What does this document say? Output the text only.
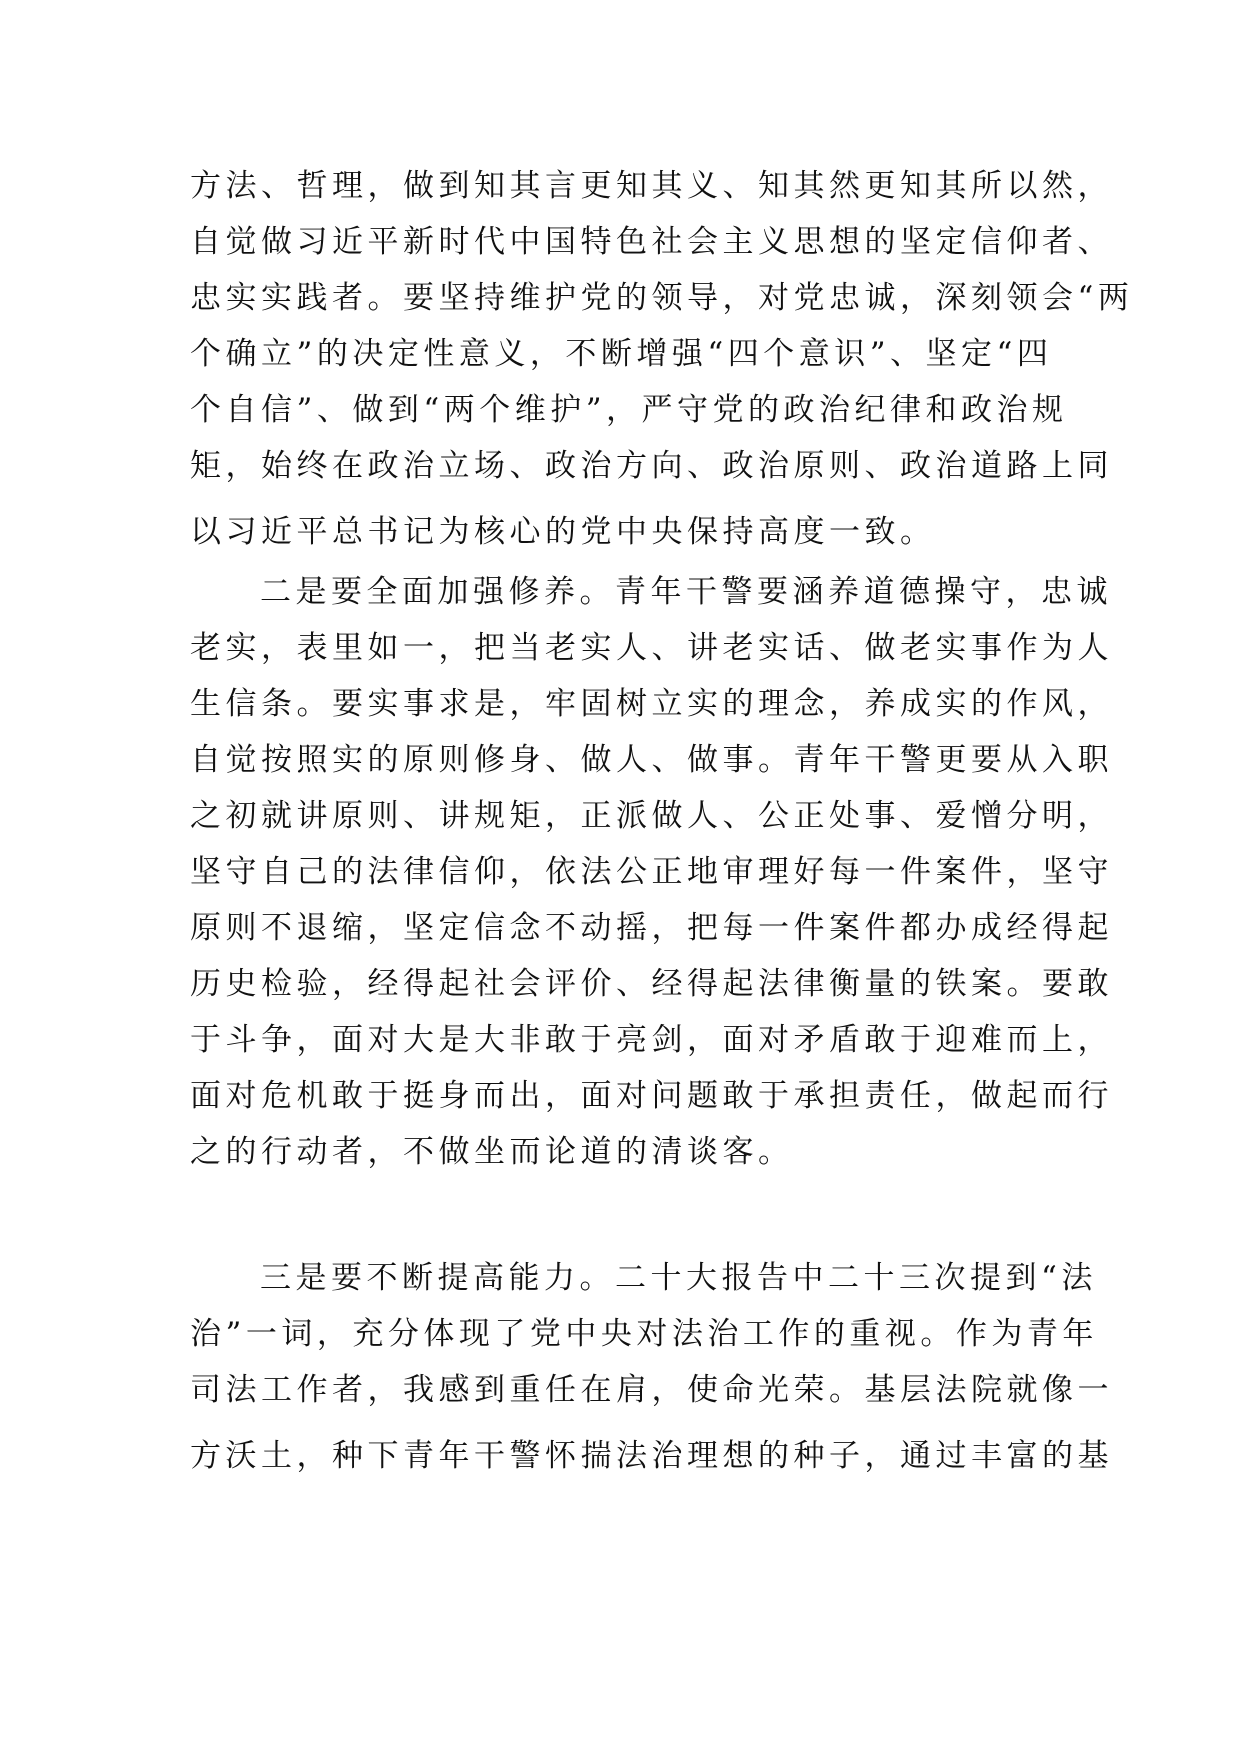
方法、哲理，做到知其言更知其义、知其然更知其所以然，
自觉做习近平新时代中国特色社会主义思想的坚定信仰者、
忠实实践者。要坚持维护党的领导，对党忠诚，深刻领会“两
个确立”的决定性意义，不断增强“四个意识”、坚定“四
个自信”、做到“两个维护”，严守党的政治纪律和政治规
矩，始终在政治立场、政治方向、政治原则、政治道路上同
以习近平总书记为核心的党中央保持高度一致。
二是要全面加强修养。青年干警要涵养道德操守，忠诚
老实，表里如一，把当老实人、讲老实话、做老实事作为人
生信条。要实事求是，牢固树立实的理念，养成实的作风，
自觉按照实的原则修身、做人、做事。青年干警更要从入职
之初就讲原则、讲规矩，正派做人、公正处事、爱憎分明，
坚守自己的法律信仰，依法公正地审理好每一件案件，坚守
原则不退缩，坚定信念不动摇，把每一件案件都办成经得起
历史检验，经得起社会评价、经得起法律衡量的铁案。要敢
于斗争，面对大是大非敢于亮剑，面对矛盾敢于迎难而上，
面对危机敢于挺身而出，面对问题敢于承担责任，做起而行
之的行动者，不做坐而论道的清谈客。
三是要不断提高能力。二十大报告中二十三次提到“法
治”一词，充分体现了党中央对法治工作的重视。作为青年
司法工作者，我感到重任在肩，使命光荣。基层法院就像一
方沃土，种下青年干警怀揣法治理想的种子，通过丰富的基
